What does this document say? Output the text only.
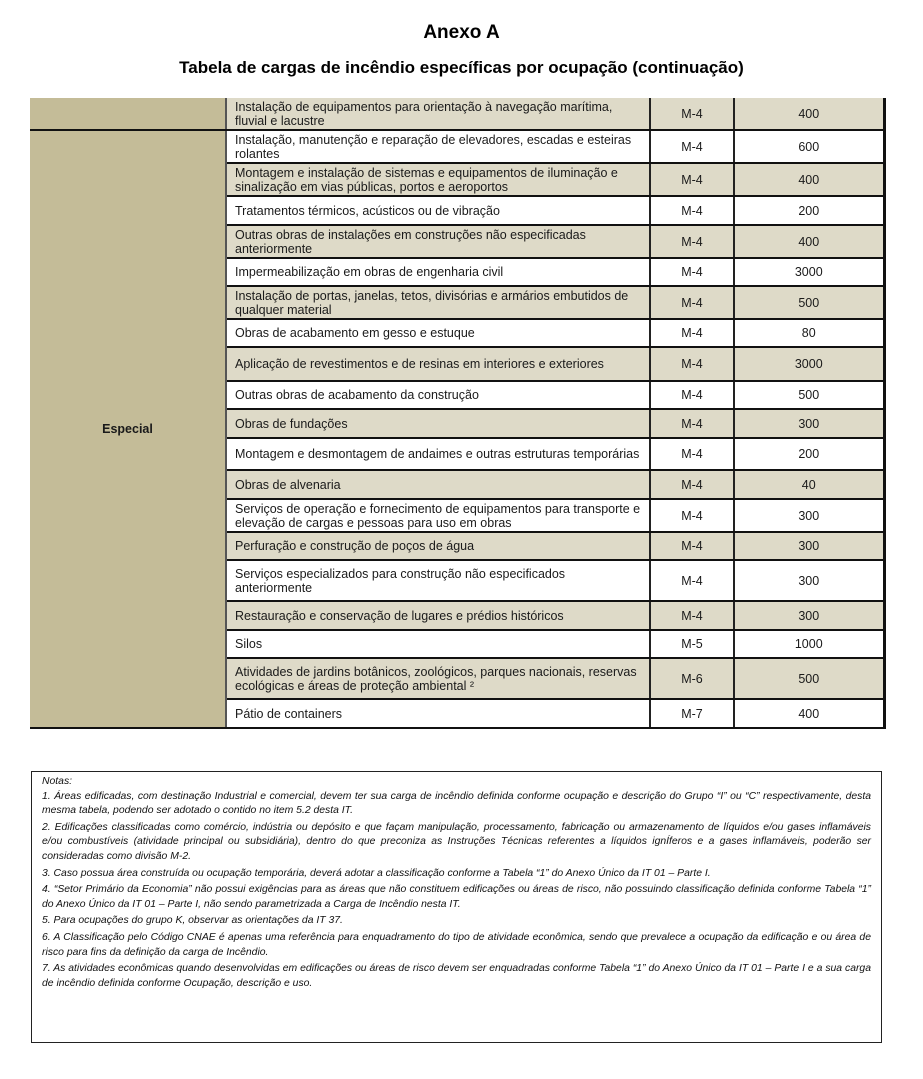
Anexo A
Tabela de cargas de incêndio específicas por ocupação (continuação)
	Instalação de equipamentos para orientação à navegação marítima, fluvial e lacustre	M-4	400
Especial	Instalação, manutenção e reparação de elevadores, escadas e esteiras rolantes	M-4	600
	Montagem e instalação de sistemas e equipamentos de iluminação e sinalização em vias públicas, portos e aeroportos	M-4	400
	Tratamentos térmicos, acústicos ou de vibração	M-4	200
	Outras obras de instalações em construções não especificadas anteriormente	M-4	400
	Impermeabilização em obras de engenharia civil	M-4	3000
	Instalação de portas, janelas, tetos, divisórias e armários embutidos de qualquer material	M-4	500
	Obras de acabamento em gesso e estuque	M-4	80
	Aplicação de revestimentos e de resinas em interiores e exteriores	M-4	3000
	Outras obras de acabamento da construção	M-4	500
	Obras de fundações	M-4	300
	Montagem e desmontagem de andaimes e outras estruturas temporárias	M-4	200
	Obras de alvenaria	M-4	40
	Serviços de operação e fornecimento de equipamentos para transporte e elevação de cargas e pessoas para uso em obras	M-4	300
	Perfuração e construção de poços de água	M-4	300
	Serviços especializados para construção não especificados anteriormente	M-4	300
	Restauração e conservação de lugares e prédios históricos	M-4	300
	Silos	M-5	1000
	Atividades de jardins botânicos, zoológicos, parques nacionais, reservas ecológicas e áreas de proteção ambiental ²	M-6	500
	Pátio de containers	M-7	400

Notas:

1. Áreas edificadas, com destinação Industrial e comercial, devem ter sua carga de incêndio definida conforme ocupação e descrição do Grupo “I” ou “C” respectivamente, desta mesma tabela, podendo ser adotado o contido no item 5.2 desta IT.

2. Edificações classificadas como comércio, indústria ou depósito e que façam manipulação, processamento, fabricação ou armazenamento de líquidos e/ou gases inflamáveis e/ou combustíveis (atividade principal ou subsidiária), dentro do que preconiza as Instruções Técnicas referentes a líquidos ignÍferos e a gases inflamáveis, poderão ser consideradas como divisão M-2.

3. Caso possua área construída ou ocupação temporária, deverá adotar a classificação conforme a Tabela “1” do Anexo Único da IT 01 – Parte I.

4. “Setor Primário da Economia” não possui exigências para as áreas que não constituem edificações ou áreas de risco, não possuindo classificação definida conforme Tabela “1” do Anexo Único da IT 01 – Parte I, não sendo parametrizada a Carga de Incêndio nesta IT.

5. Para ocupações do grupo K, observar as orientações da IT 37.

6. A Classificação pelo Código CNAE é apenas uma referência para enquadramento do tipo de atividade econômica, sendo que prevalece a ocupação da edificação e ou área de risco para fins da definição da carga de Incêndio.

7. As atividades econômicas quando desenvolvidas em edificações ou áreas de risco devem ser enquadradas conforme Tabela “1” do Anexo Único da IT 01 – Parte I e a sua carga de incêndio definida conforme Ocupação, descrição e uso.
